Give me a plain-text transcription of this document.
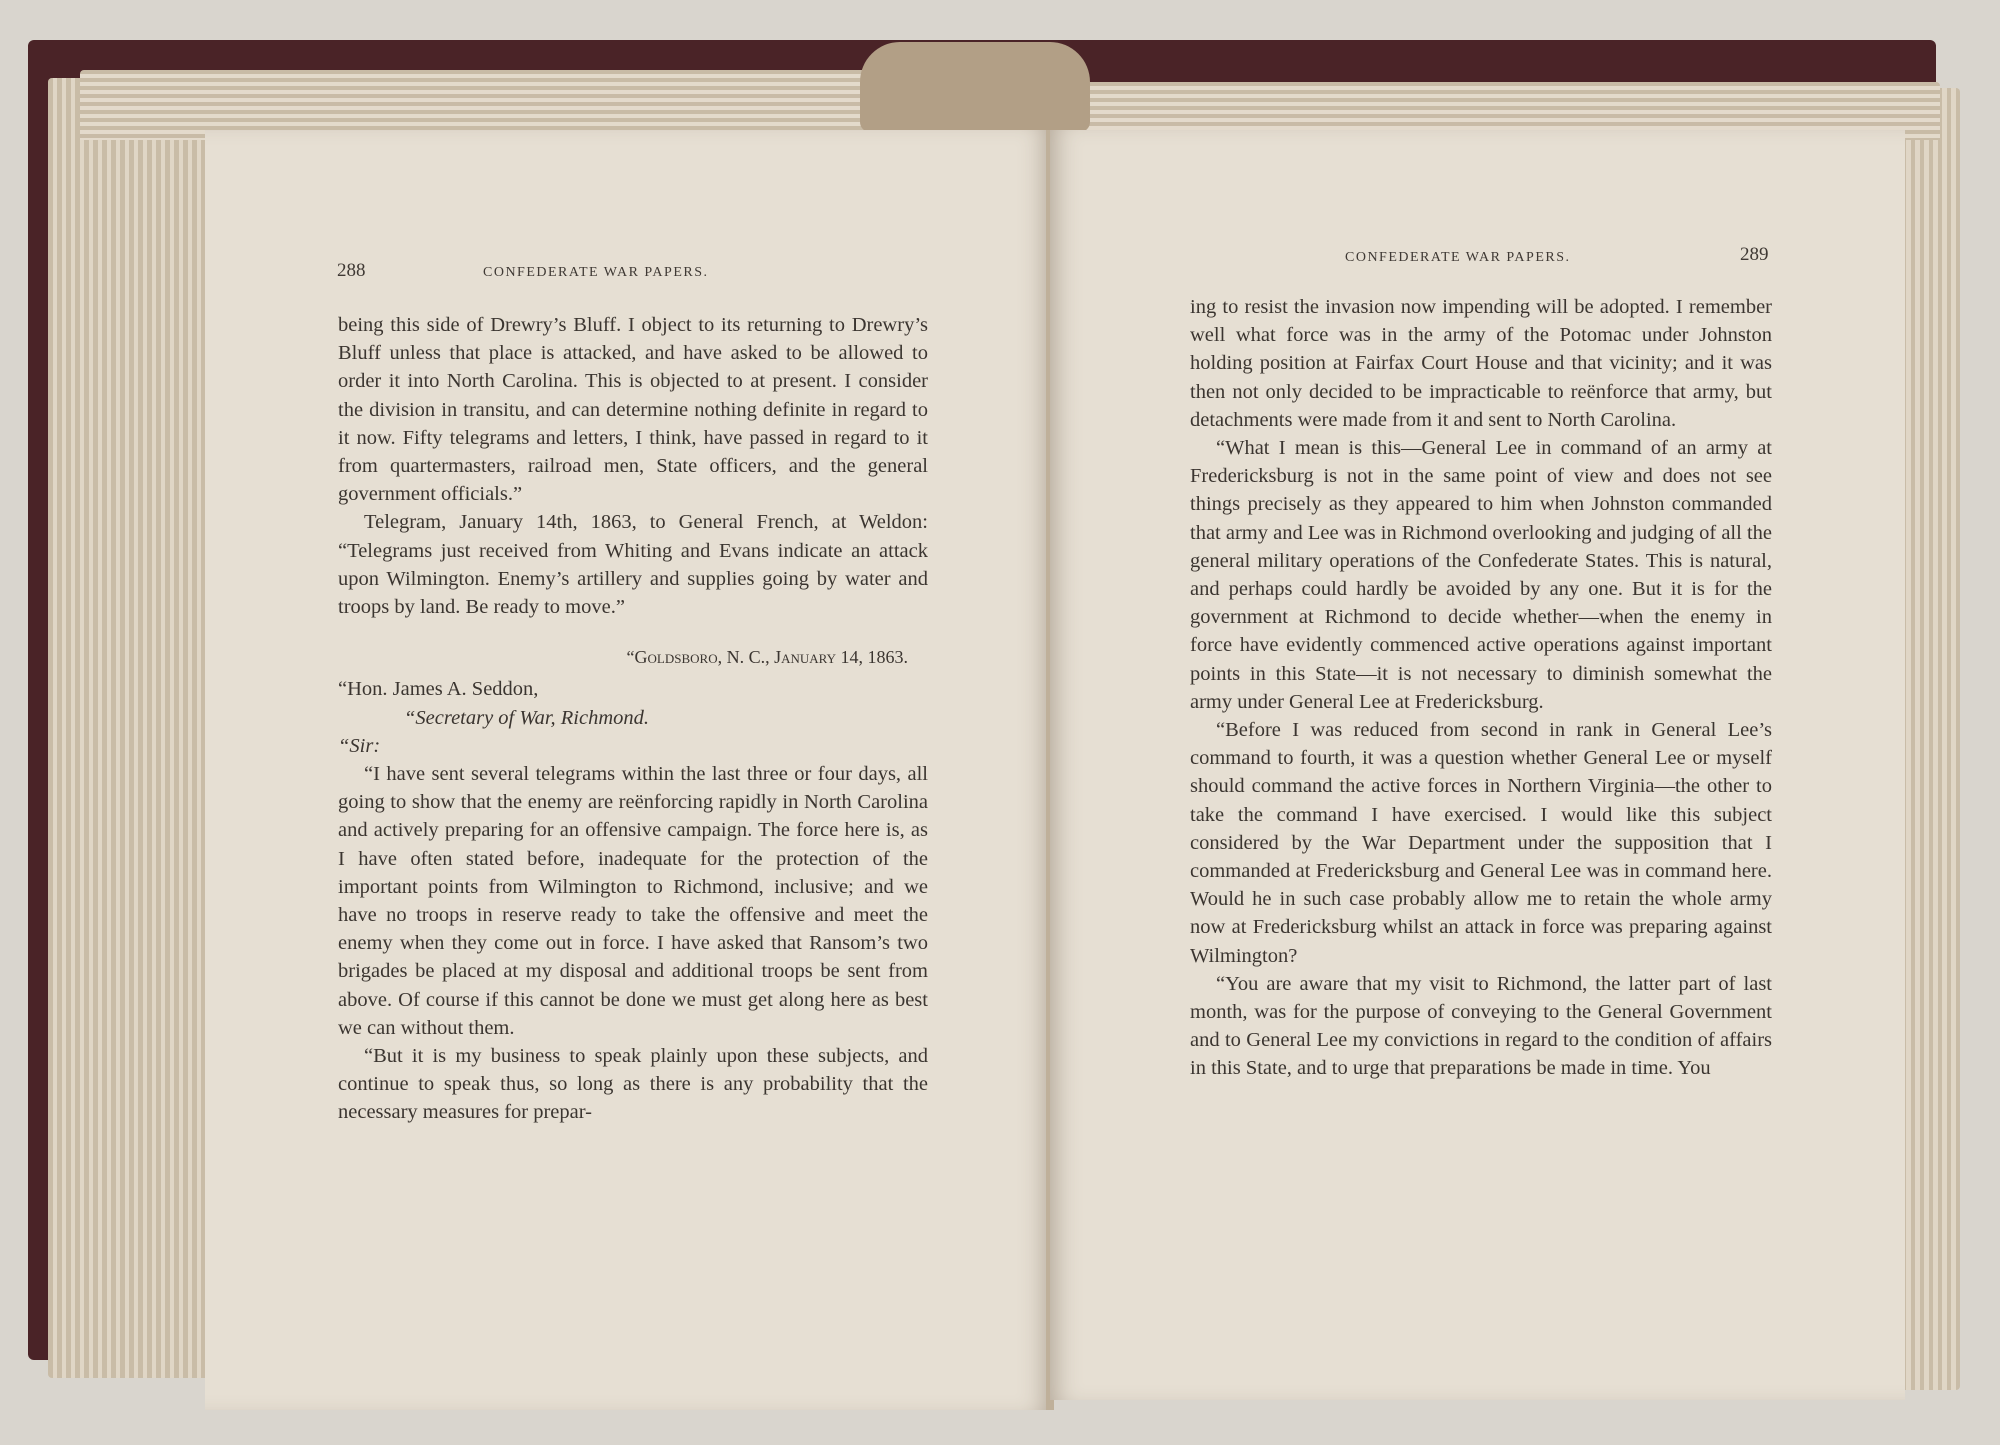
288	CONFEDERATE WAR PAPERS.

being this side of Drewry’s Bluff. I object to its returning to Drewry’s Bluff unless that place is attacked, and have asked to be allowed to order it into North Carolina. This is objected to at present. I consider the division in transitu, and can determine nothing definite in regard to it now. Fifty telegrams and letters, I think, have passed in regard to it from quartermasters, railroad men, State officers, and the general government officials.”

Telegram, January 14th, 1863, to General French, at Weldon: “Telegrams just received from Whiting and Evans indicate an attack upon Wilmington. Enemy’s artillery and supplies going by water and troops by land. Be ready to move.”

“Goldsboro, N. C., January 14, 1863.

“Hon. James A. Seddon,

“Secretary of War, Richmond.

“Sir:

“I have sent several telegrams within the last three or four days, all going to show that the enemy are reënforcing rapidly in North Carolina and actively preparing for an offensive campaign. The force here is, as I have often stated before, inadequate for the protection of the important points from Wilmington to Richmond, inclusive; and we have no troops in reserve ready to take the offensive and meet the enemy when they come out in force. I have asked that Ransom’s two brigades be placed at my disposal and additional troops be sent from above. Of course if this cannot be done we must get along here as best we can without them.

“But it is my business to speak plainly upon these subjects, and continue to speak thus, so long as there is any probability that the necessary measures for prepar-

CONFEDERATE WAR PAPERS.	289

ing to resist the invasion now impending will be adopted. I remember well what force was in the army of the Potomac under Johnston holding position at Fairfax Court House and that vicinity; and it was then not only decided to be impracticable to reënforce that army, but detachments were made from it and sent to North Carolina.

“What I mean is this—General Lee in command of an army at Fredericksburg is not in the same point of view and does not see things precisely as they appeared to him when Johnston commanded that army and Lee was in Richmond overlooking and judging of all the general military operations of the Confederate States. This is natural, and perhaps could hardly be avoided by any one. But it is for the government at Richmond to decide whether—when the enemy in force have evidently commenced active operations against important points in this State—it is not necessary to diminish somewhat the army under General Lee at Fredericksburg.

“Before I was reduced from second in rank in General Lee’s command to fourth, it was a question whether General Lee or myself should command the active forces in Northern Virginia—the other to take the command I have exercised. I would like this subject considered by the War Department under the supposition that I commanded at Fredericksburg and General Lee was in command here. Would he in such case probably allow me to retain the whole army now at Fredericksburg whilst an attack in force was preparing against Wilmington?

“You are aware that my visit to Richmond, the latter part of last month, was for the purpose of conveying to the General Government and to General Lee my convictions in regard to the condition of affairs in this State, and to urge that preparations be made in time. You
